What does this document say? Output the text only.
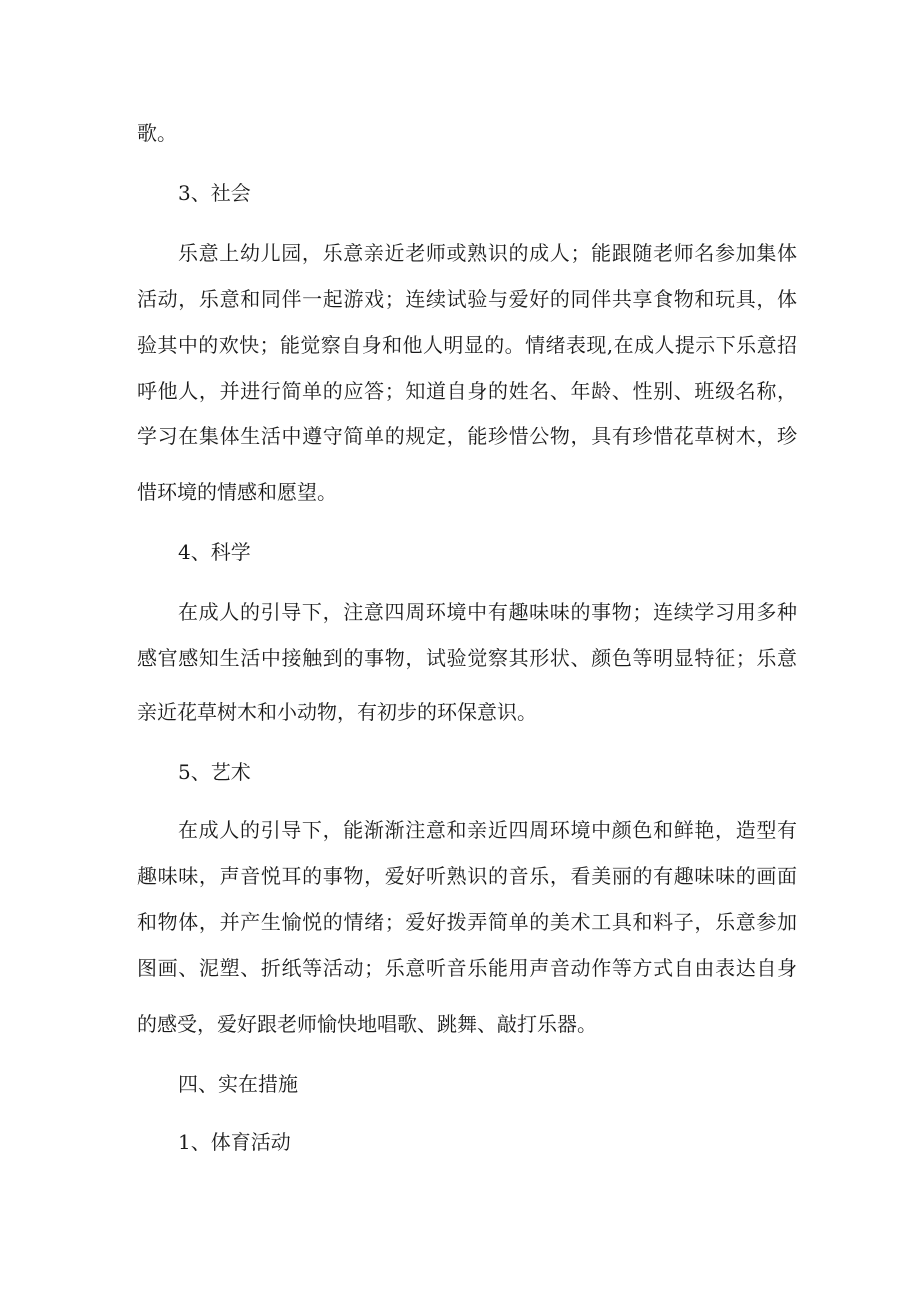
歌。
3、社会
乐意上幼儿园，乐意亲近老师或熟识的成人；能跟随老师名参加集体
活动，乐意和同伴一起游戏；连续试验与爱好的同伴共享食物和玩具，体
验其中的欢快；能觉察自身和他人明显的。情绪表现,在成人提示下乐意招
呼他人，并进行简单的应答；知道自身的姓名、年龄、性别、班级名称，
学习在集体生活中遵守简单的规定，能珍惜公物，具有珍惜花草树木，珍
惜环境的情感和愿望。
4、科学
在成人的引导下，注意四周环境中有趣味味的事物；连续学习用多种
感官感知生活中接触到的事物，试验觉察其形状、颜色等明显特征；乐意
亲近花草树木和小动物，有初步的环保意识。
5、艺术
在成人的引导下，能渐渐注意和亲近四周环境中颜色和鲜艳，造型有
趣味味，声音悦耳的事物，爱好听熟识的音乐，看美丽的有趣味味的画面
和物体，并产生愉悦的情绪；爱好拨弄简单的美术工具和料子，乐意参加
图画、泥塑、折纸等活动；乐意听音乐能用声音动作等方式自由表达自身
的感受，爱好跟老师愉快地唱歌、跳舞、敲打乐器。
四、实在措施
1、体育活动
